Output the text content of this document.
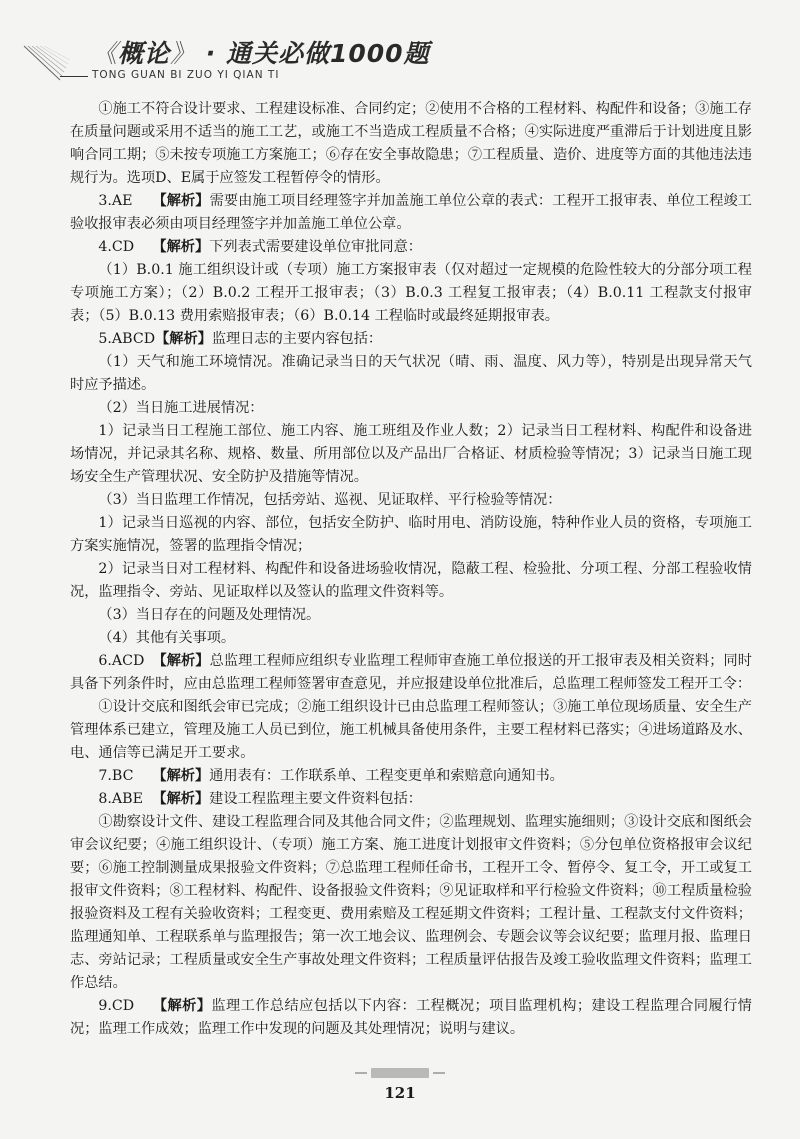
《概论》 · 通关必做1000题
TONG GUAN BI ZUO YI QIAN TI

①施工不符合设计要求、工程建设标准、合同约定；②使用不合格的工程材料、构配件和设备；③施工存在质量问题或采用不适当的施工工艺，或施工不当造成工程质量不合格；④实际进度严重滞后于计划进度且影响合同工期；⑤未按专项施工方案施工；⑥存在安全事故隐患；⑦工程质量、造价、进度等方面的其他违法违规行为。选项D、E属于应签发工程暂停令的情形。

3.AE 【解析】需要由施工项目经理签字并加盖施工单位公章的表式：工程开工报审表、单位工程竣工验收报审表必须由项目经理签字并加盖施工单位公章。

4.CD 【解析】下列表式需要建设单位审批同意：

（1）B.0.1 施工组织设计或（专项）施工方案报审表（仅对超过一定规模的危险性较大的分部分项工程专项施工方案）；（2）B.0.2 工程开工报审表；（3）B.0.3 工程复工报审表；（4）B.0.11 工程款支付报审表；（5）B.0.13 费用索赔报审表；（6）B.0.14 工程临时或最终延期报审表。

5.ABCD【解析】监理日志的主要内容包括：

（1）天气和施工环境情况。准确记录当日的天气状况（晴、雨、温度、风力等），特别是出现异常天气时应予描述。

（2）当日施工进展情况：

1）记录当日工程施工部位、施工内容、施工班组及作业人数；2）记录当日工程材料、构配件和设备进场情况，并记录其名称、规格、数量、所用部位以及产品出厂合格证、材质检验等情况；3）记录当日施工现场安全生产管理状况、安全防护及措施等情况。

（3）当日监理工作情况，包括旁站、巡视、见证取样、平行检验等情况：

1）记录当日巡视的内容、部位，包括安全防护、临时用电、消防设施，特种作业人员的资格，专项施工方案实施情况，签署的监理指令情况；

2）记录当日对工程材料、构配件和设备进场验收情况，隐蔽工程、检验批、分项工程、分部工程验收情况，监理指令、旁站、见证取样以及签认的监理文件资料等。

（3）当日存在的问题及处理情况。

（4）其他有关事项。

6.ACD 【解析】总监理工程师应组织专业监理工程师审查施工单位报送的开工报审表及相关资料；同时具备下列条件时，应由总监理工程师签署审查意见，并应报建设单位批准后，总监理工程师签发工程开工令：

①设计交底和图纸会审已完成；②施工组织设计已由总监理工程师签认；③施工单位现场质量、安全生产管理体系已建立，管理及施工人员已到位，施工机械具备使用条件，主要工程材料已落实；④进场道路及水、电、通信等已满足开工要求。

7.BC 【解析】通用表有：工作联系单、工程变更单和索赔意向通知书。

8.ABE 【解析】建设工程监理主要文件资料包括：

①勘察设计文件、建设工程监理合同及其他合同文件；②监理规划、监理实施细则；③设计交底和图纸会审会议纪要；④施工组织设计、（专项）施工方案、施工进度计划报审文件资料；⑤分包单位资格报审会议纪要；⑥施工控制测量成果报验文件资料；⑦总监理工程师任命书，工程开工令、暂停令、复工令，开工或复工报审文件资料；⑧工程材料、构配件、设备报验文件资料；⑨见证取样和平行检验文件资料；⑩工程质量检验报验资料及工程有关验收资料；工程变更、费用索赔及工程延期文件资料；工程计量、工程款支付文件资料；监理通知单、工程联系单与监理报告；第一次工地会议、监理例会、专题会议等会议纪要；监理月报、监理日志、旁站记录；工程质量或安全生产事故处理文件资料；工程质量评估报告及竣工验收监理文件资料；监理工作总结。

9.CD 【解析】监理工作总结应包括以下内容：工程概况；项目监理机构；建设工程监理合同履行情况；监理工作成效；监理工作中发现的问题及其处理情况；说明与建议。

121
